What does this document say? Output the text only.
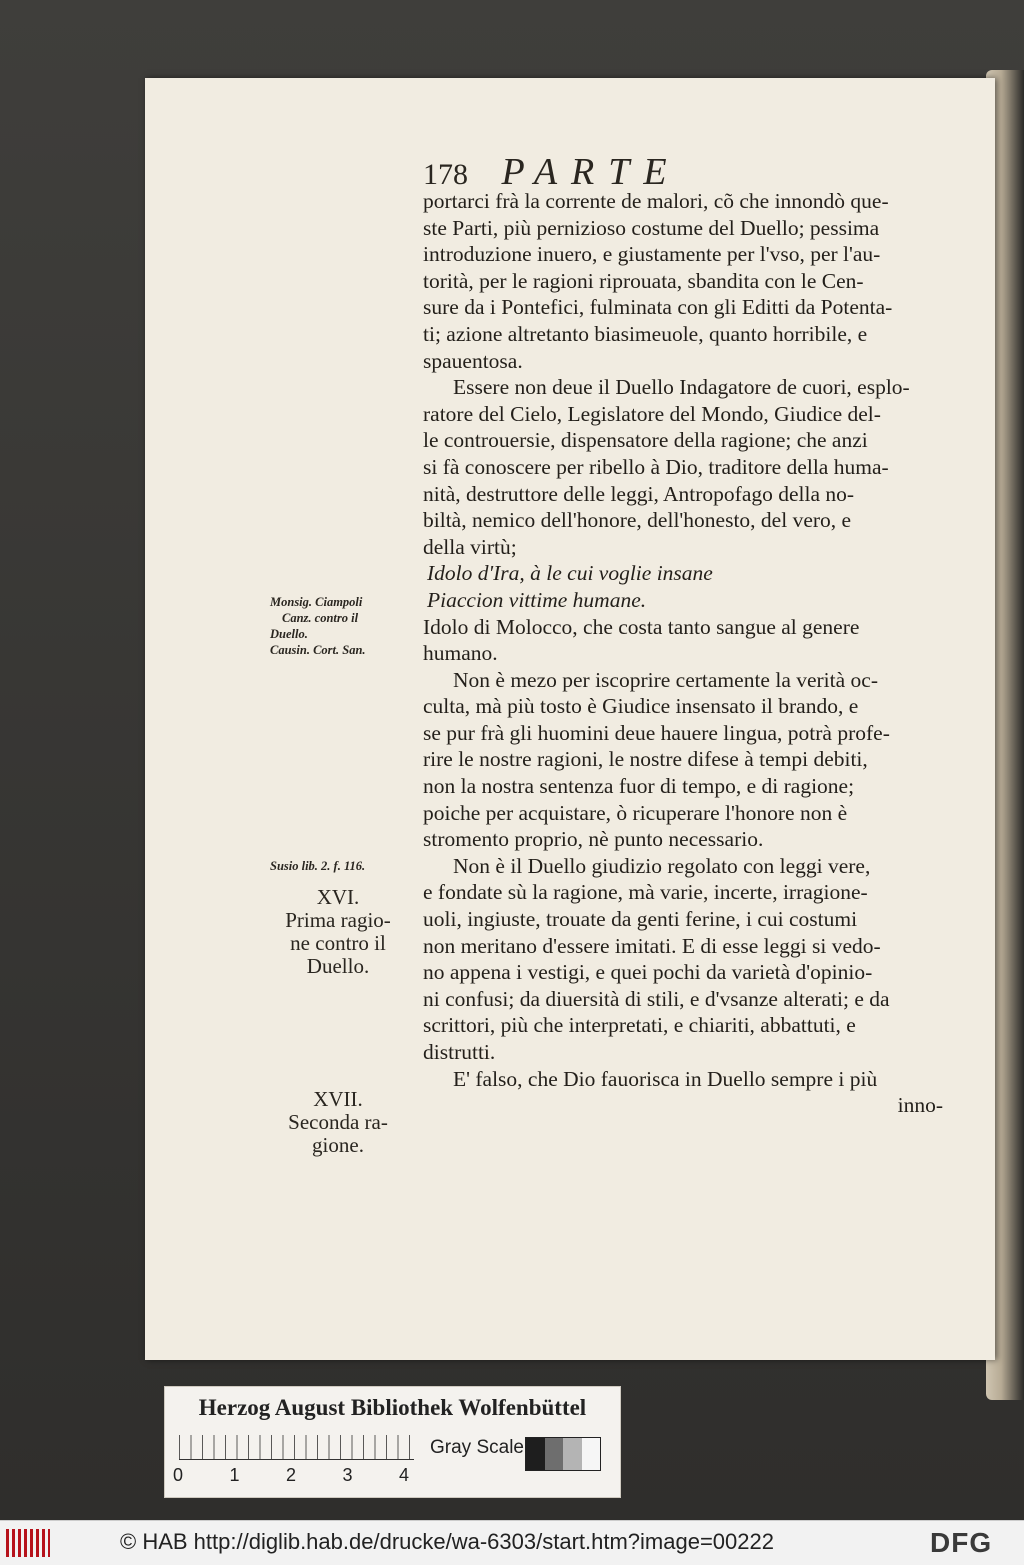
178 PARTE
portarci frà la corrente de malori, cõ che innondò que-
ste Parti, più pernizioso costume del Duello; pessima
introduzione inuero, e giustamente per l'vso, per l'au-
torità, per le ragioni riprouata, sbandita con le Cen-
sure da i Pontefici, fulminata con gli Editti da Potenta-
ti; azione altretanto biasimeuole, quanto horribile, e
spauentosa.
Essere non deue il Duello Indagatore de cuori, esplo-
ratore del Cielo, Legislatore del Mondo, Giudice del-
le controuersie, dispensatore della ragione; che anzi
si fà conoscere per ribello à Dio, traditore della huma-
nità, destruttore delle leggi, Antropofago della no-
biltà, nemico dell'honore, dell'honesto, del vero, e
della virtù;
Idolo d'Ira, à le cui voglie insane
Piaccion vittime humane.
Idolo di Molocco, che costa tanto sangue al genere
humano.
Non è mezo per iscoprire certamente la verità oc-
culta, mà più tosto è Giudice insensato il brando, e
se pur frà gli huomini deue hauere lingua, potrà profe-
rire le nostre ragioni, le nostre difese à tempi debiti,
non la nostra sentenza fuor di tempo, e di ragione;
poiche per acquistare, ò ricuperare l'honore non è
stromento proprio, nè punto necessario.
Non è il Duello giudizio regolato con leggi vere,
e fondate sù la ragione, mà varie, incerte, irragione-
uoli, ingiuste, trouate da genti ferine, i cui costumi
non meritano d'essere imitati. E di esse leggi si vedo-
no appena i vestigi, e quei pochi da varietà d'opinio-
ni confusi; da diuersità di stili, e d'vsanze alterati; e da
scrittori, più che interpretati, e chiariti, abbattuti, e
distrutti.
E' falso, che Dio fauorisca in Duello sempre i più
inno-
Monsig. Ciampoli
Canz. contro il
Duello.
Causin. Cort. San.
Susio lib. 2. f. 116.
XVI.
Prima ragio-
ne contro il
Duello.
XVII.
Seconda ra-
gione.
Herzog August Bibliothek Wolfenbüttel
0	1	2	3	4
Gray Scale
© HAB http://diglib.hab.de/drucke/wa-6303/start.htm?image=00222	DFG
